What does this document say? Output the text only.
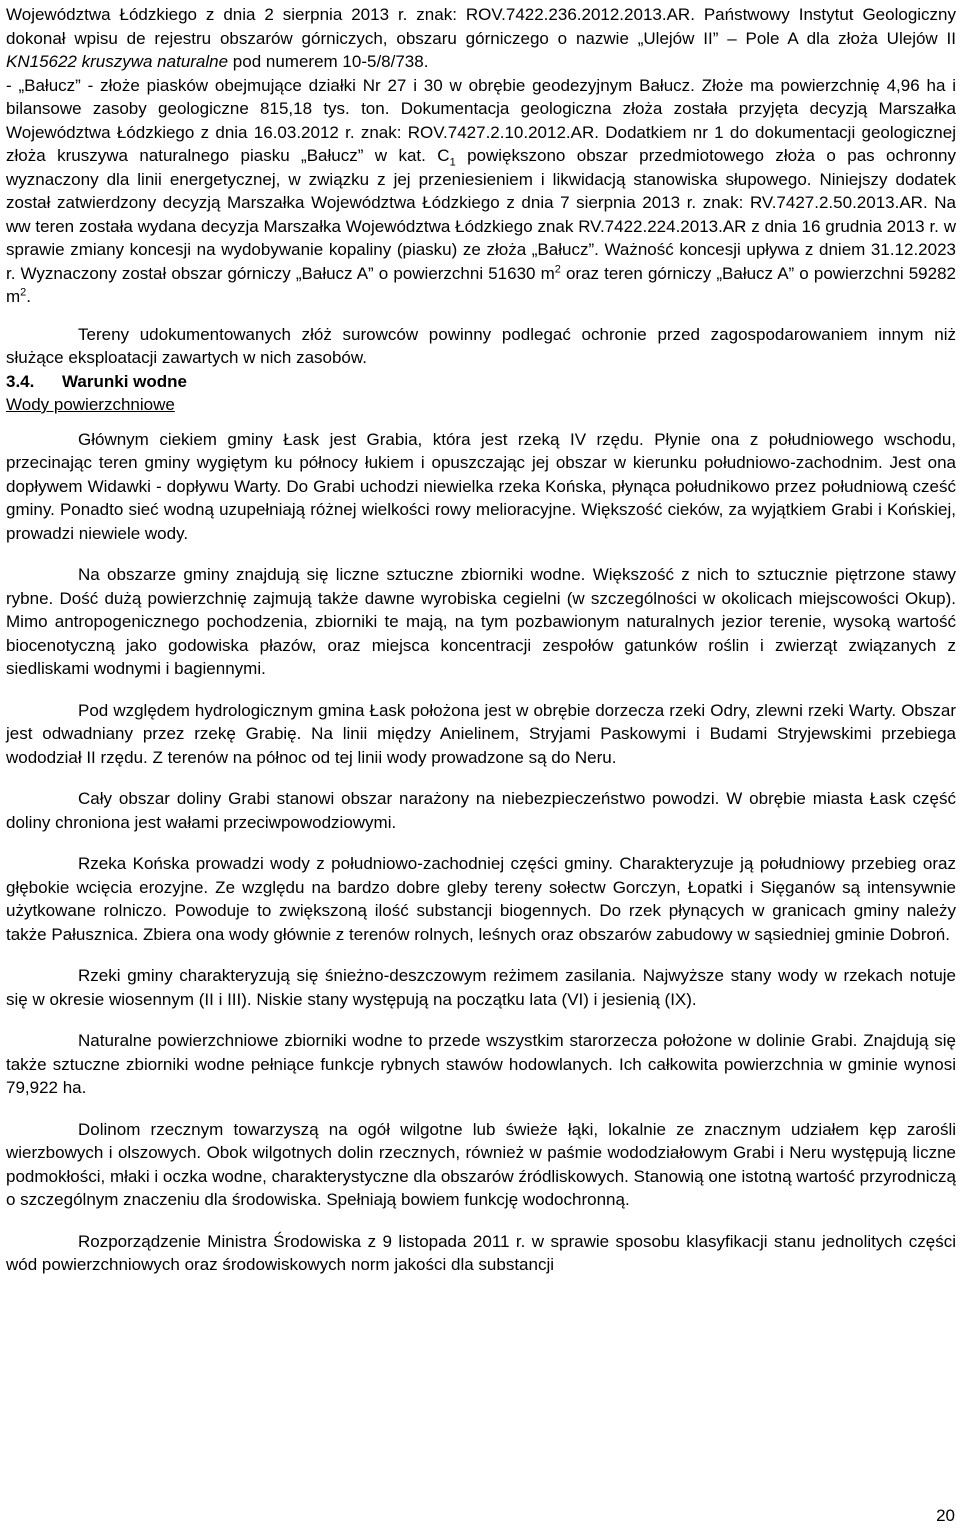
Województwa Łódzkiego z dnia 2 sierpnia 2013 r. znak: ROV.7422.236.2012.2013.AR. Państwowy Instytut Geologiczny dokonał wpisu de rejestru obszarów górniczych, obszaru górniczego o nazwie „Ulejów II” – Pole A dla złoża Ulejów II KN15622 kruszywa naturalne pod numerem 10-5/8/738.

- „Bałucz” - złoże piasków obejmujące działki Nr 27 i 30 w obrębie geodezyjnym Bałucz. Złoże ma powierzchnię 4,96 ha i bilansowe zasoby geologiczne 815,18 tys. ton. Dokumentacja geologiczna złoża została przyjęta decyzją Marszałka Województwa Łódzkiego z dnia 16.03.2012 r. znak: ROV.7427.2.10.2012.AR. Dodatkiem nr 1 do dokumentacji geologicznej złoża kruszywa naturalnego piasku „Bałucz” w kat. $C_1$ powiększono obszar przedmiotowego złoża o pas ochronny wyznaczony dla linii energetycznej, w związku z jej przeniesieniem i likwidacją stanowiska słupowego. Niniejszy dodatek został zatwierdzony decyzją Marszałka Województwa Łódzkiego z dnia 7 sierpnia 2013 r. znak: RV.7427.2.50.2013.AR. Na ww teren została wydana decyzja Marszałka Województwa Łódzkiego znak RV.7422.224.2013.AR z dnia 16 grudnia 2013 r. w sprawie zmiany koncesji na wydobywanie kopaliny (piasku) ze złoża „Bałucz”. Ważność koncesji upływa z dniem 31.12.2023 r. Wyznaczony został obszar górniczy „Bałucz A” o powierzchni 51630 $m^2$ oraz teren górniczy „Bałucz A” o powierzchni 59282 $m^2$.

Tereny udokumentowanych złóż surowców powinny podlegać ochronie przed zagospodarowaniem innym niż służące eksploatacji zawartych w nich zasobów.

3.4. Warunki wodne

Wody powierzchniowe

Głównym ciekiem gminy Łask jest Grabia, która jest rzeką IV rzędu. Płynie ona z południowego wschodu, przecinając teren gminy wygiętym ku północy łukiem i opuszczając jej obszar w kierunku południowo-zachodnim. Jest ona dopływem Widawki - dopływu Warty. Do Grabi uchodzi niewielka rzeka Końska, płynąca południkowo przez południową cześć gminy. Ponadto sieć wodną uzupełniają różnej wielkości rowy melioracyjne. Większość cieków, za wyjątkiem Grabi i Końskiej, prowadzi niewiele wody.

Na obszarze gminy znajdują się liczne sztuczne zbiorniki wodne. Większość z nich to sztucznie piętrzone stawy rybne. Dość dużą powierzchnię zajmują także dawne wyrobiska cegielni (w szczególności w okolicach miejscowości Okup). Mimo antropogenicznego pochodzenia, zbiorniki te mają, na tym pozbawionym naturalnych jezior terenie, wysoką wartość biocenotyczną jako godowiska płazów, oraz miejsca koncentracji zespołów gatunków roślin i zwierząt związanych z siedliskami wodnymi i bagiennymi.

Pod względem hydrologicznym gmina Łask położona jest w obrębie dorzecza rzeki Odry, zlewni rzeki Warty. Obszar jest odwadniany przez rzekę Grabię. Na linii między Anielinem, Stryjami Paskowymi i Budami Stryjewskimi przebiega wododział II rzędu. Z terenów na północ od tej linii wody prowadzone są do Neru.

Cały obszar doliny Grabi stanowi obszar narażony na niebezpieczeństwo powodzi. W obrębie miasta Łask część doliny chroniona jest wałami przeciwpowodziowymi.

Rzeka Końska prowadzi wody z południowo-zachodniej części gminy. Charakteryzuje ją południowy przebieg oraz głębokie wcięcia erozyjne. Ze względu na bardzo dobre gleby tereny sołectw Gorczyn, Łopatki i Sięganów są intensywnie użytkowane rolniczo. Powoduje to zwiększoną ilość substancji biogennych. Do rzek płynących w granicach gminy należy także Pałusznica. Zbiera ona wody głównie z terenów rolnych, leśnych oraz obszarów zabudowy w sąsiedniej gminie Dobroń.

Rzeki gminy charakteryzują się śnieżno-deszczowym reżimem zasilania. Najwyższe stany wody w rzekach notuje się w okresie wiosennym (II i III). Niskie stany występują na początku lata (VI) i jesienią (IX).

Naturalne powierzchniowe zbiorniki wodne to przede wszystkim starorzecza położone w dolinie Grabi. Znajdują się także sztuczne zbiorniki wodne pełniące funkcje rybnych stawów hodowlanych. Ich całkowita powierzchnia w gminie wynosi 79,922 ha.

Dolinom rzecznym towarzyszą na ogół wilgotne lub świeże łąki, lokalnie ze znacznym udziałem kęp zarośli wierzbowych i olszowych. Obok wilgotnych dolin rzecznych, również w paśmie wododziałowym Grabi i Neru występują liczne podmokłości, młaki i oczka wodne, charakterystyczne dla obszarów źródliskowych. Stanowią one istotną wartość przyrodniczą o szczególnym znaczeniu dla środowiska. Spełniają bowiem funkcję wodochronną.

Rozporządzenie Ministra Środowiska z 9 listopada 2011 r. w sprawie sposobu klasyfikacji stanu jednolitych części wód powierzchniowych oraz środowiskowych norm jakości dla substancji

20
